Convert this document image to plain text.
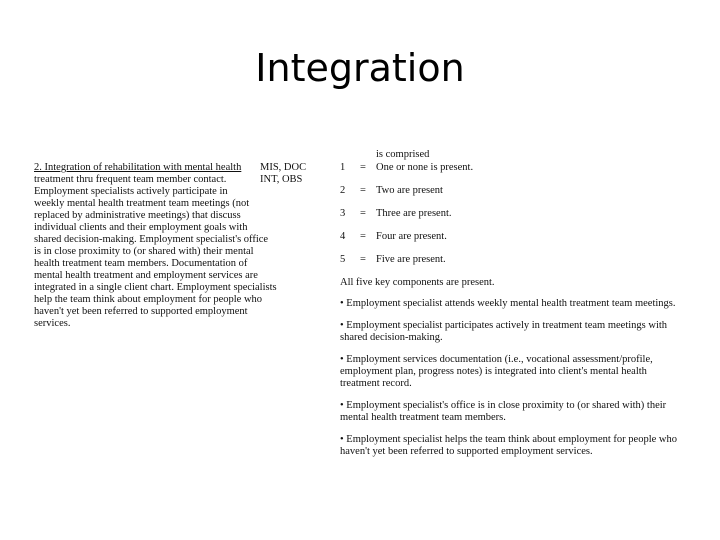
Integration
2. Integration of rehabilitation with mental health
treatment thru frequent team member contact.
Employment specialists actively participate in
weekly mental health treatment team meetings (not
replaced by administrative meetings) that discuss
individual clients and their employment goals with
shared decision-making. Employment specialist's office
is in close proximity to (or shared with) their mental
health treatment team members. Documentation of
mental health treatment and employment services are
integrated in a single client chart. Employment specialists
help the team think about employment for people who
haven't yet been referred to supported employment
services.
MIS, DOC
INT, OBS
is comprised
1 = One or none is present.
2 = Two are present
3 = Three are present.
4 = Four are present.
5 = Five are present.
All five key components are present.
• Employment specialist attends weekly mental health treatment team meetings.
• Employment specialist participates actively in treatment team meetings with
shared decision-making.
• Employment services documentation (i.e., vocational assessment/profile,
employment plan, progress notes) is integrated into client's mental health
treatment record.
• Employment specialist's office is in close proximity to (or shared with) their
mental health treatment team members.
• Employment specialist helps the team think about employment for people who
haven't yet been referred to supported employment services.
